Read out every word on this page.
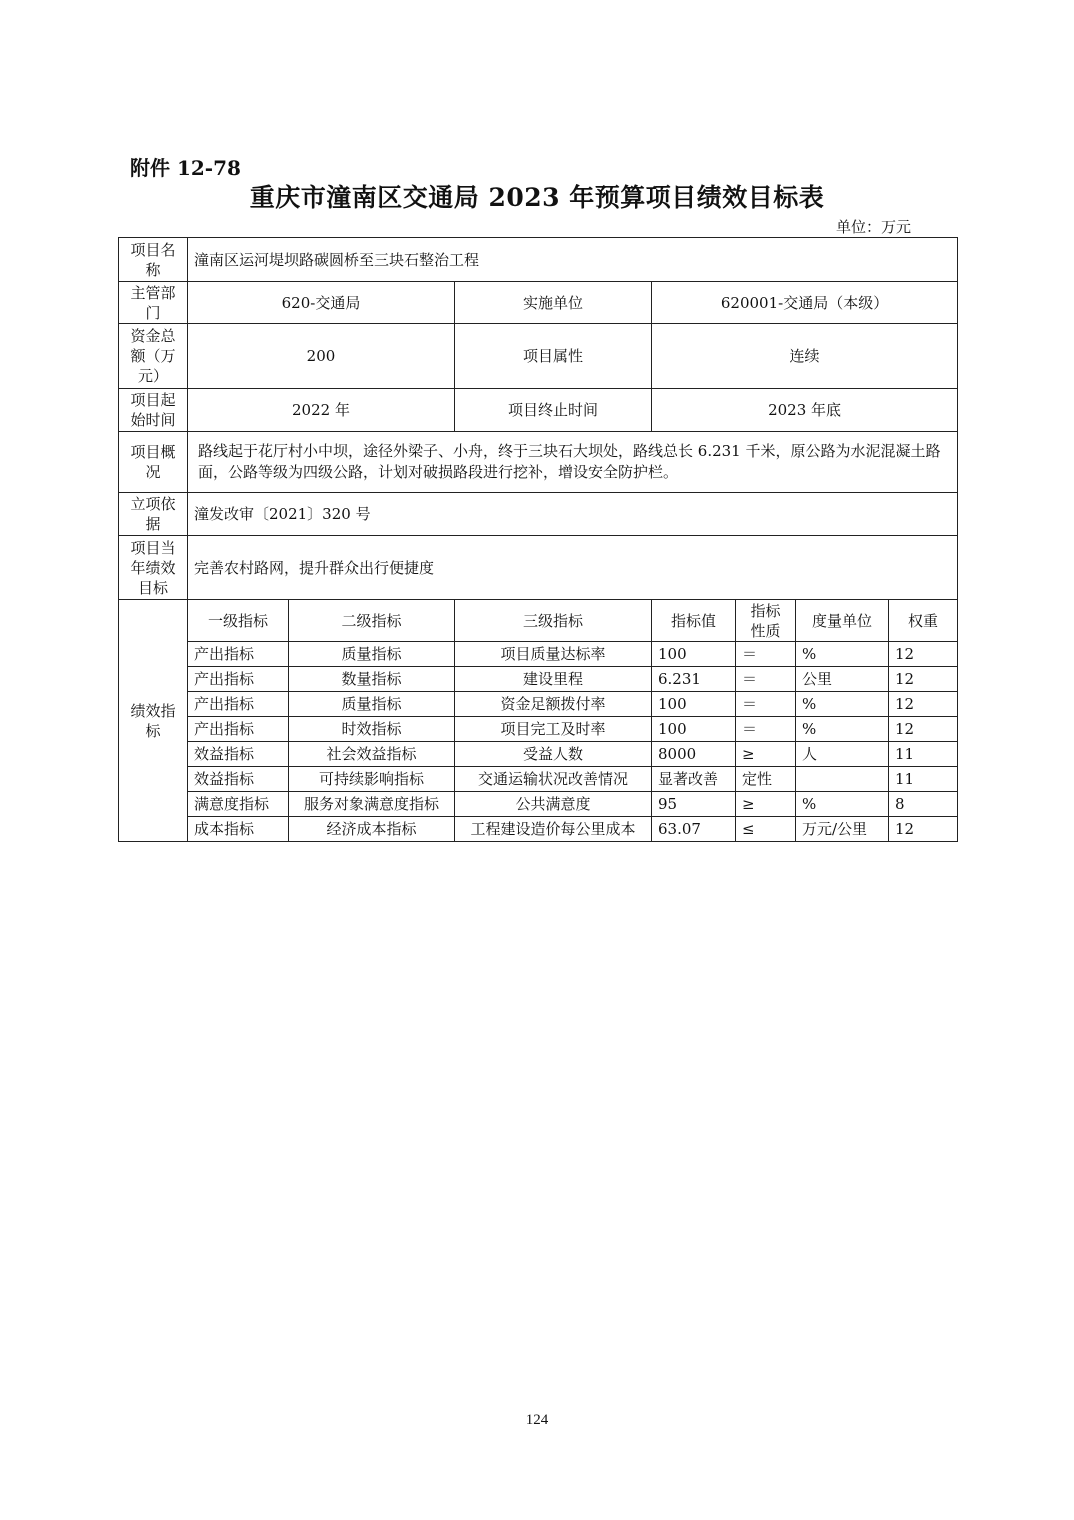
附件 12-78
重庆市潼南区交通局 2023 年预算项目绩效目标表
单位：万元
项目名称	潼南区运河堤坝路碳圆桥至三块石整治工程						
主管部门	620-交通局		实施单位	620001-交通局（本级）			
资金总额（万元）	200		项目属性	连续			
项目起始时间	2022 年		项目终止时间	2023 年底			
项目概况	路线起于花厅村小中坝，途径外梁子、小舟，终于三块石大坝处，路线总长 6.231 千米，原公路为水泥混凝土路面，公路等级为四级公路，计划对破损路段进行挖补，增设安全防护栏。						
立项依据	潼发改审〔2021〕320 号						
项目当年绩效目标	完善农村路网，提升群众出行便捷度						
绩效指标	一级指标	二级指标	三级指标	指标值	指标性质	度量单位	权重
	产出指标	质量指标	项目质量达标率	100	＝	%	12
	产出指标	数量指标	建设里程	6.231	＝	公里	12
	产出指标	质量指标	资金足额拨付率	100	＝	%	12
	产出指标	时效指标	项目完工及时率	100	＝	%	12
	效益指标	社会效益指标	受益人数	8000	≥	人	11
	效益指标	可持续影响指标	交通运输状况改善情况	显著改善	定性		11
	满意度指标	服务对象满意度指标	公共满意度	95	≥	%	8
	成本指标	经济成本指标	工程建设造价每公里成本	63.07	≤	万元/公里	12
124
